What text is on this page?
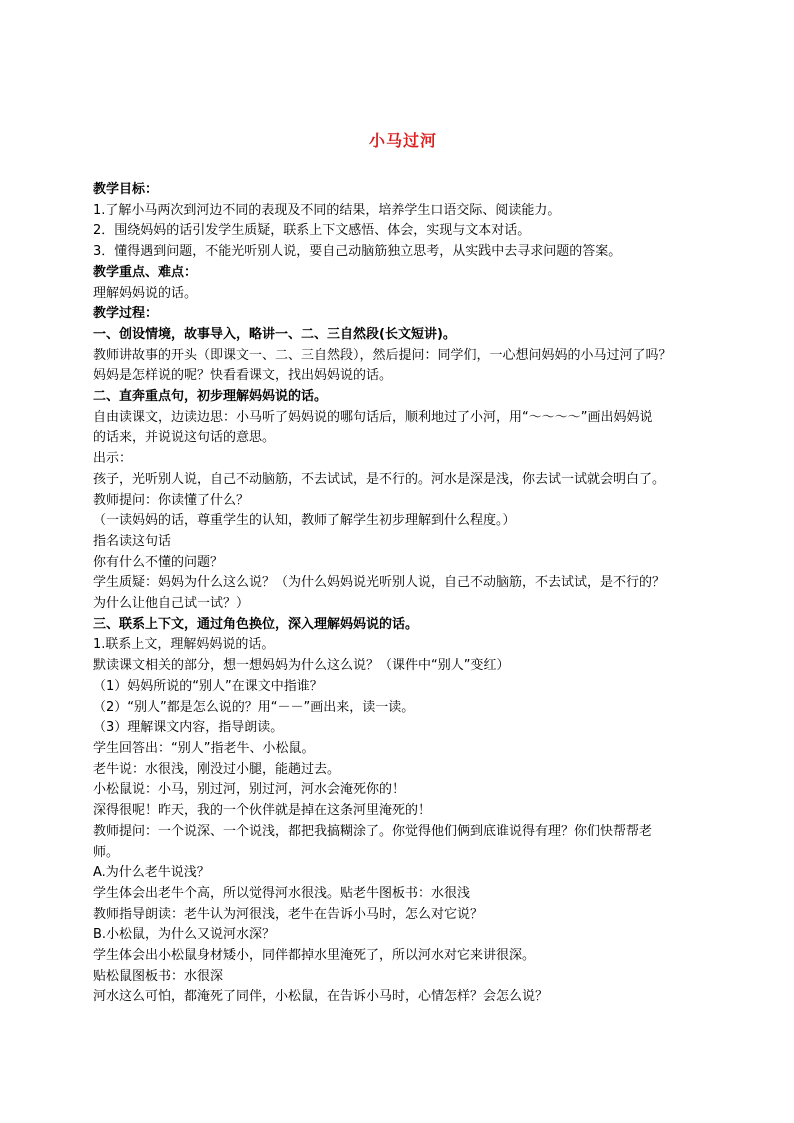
小马过河
教学目标：
1.了解小马两次到河边不同的表现及不同的结果，培养学生口语交际、阅读能力。
2．围绕妈妈的话引发学生质疑，联系上下文感悟、体会，实现与文本对话。
3．懂得遇到问题，不能光听别人说，要自己动脑筋独立思考，从实践中去寻求问题的答案。
教学重点、难点：
理解妈妈说的话。
教学过程：
一、创设情境，故事导入，略讲一、二、三自然段(长文短讲)。
教师讲故事的开头（即课文一、二、三自然段），然后提问：同学们，一心想问妈妈的小马过河了吗？
妈妈是怎样说的呢？快看看课文，找出妈妈说的话。
二、直奔重点句，初步理解妈妈说的话。
自由读课文，边读边思：小马听了妈妈说的哪句话后，顺利地过了小河，用“～～～～”画出妈妈说
的话来，并说说这句话的意思。
出示：
孩子，光听别人说，自己不动脑筋，不去试试，是不行的。河水是深是浅，你去试一试就会明白了。
教师提问：你读懂了什么？
（一读妈妈的话，尊重学生的认知，教师了解学生初步理解到什么程度。）
指名读这句话
你有什么不懂的问题？
学生质疑：妈妈为什么这么说？（为什么妈妈说光听别人说，自己不动脑筋，不去试试，是不行的？
为什么让他自己试一试？）
三、联系上下文，通过角色换位，深入理解妈妈说的话。
1.联系上文，理解妈妈说的话。
默读课文相关的部分，想一想妈妈为什么这么说？（课件中“别人”变红）
（1）妈妈所说的“别人”在课文中指谁？
（2）“别人”都是怎么说的？用“－－”画出来，读一读。
（3）理解课文内容，指导朗读。
学生回答出：“别人”指老牛、小松鼠。
老牛说：水很浅，刚没过小腿，能趟过去。
小松鼠说：小马，别过河，别过河，河水会淹死你的！
深得很呢！昨天，我的一个伙伴就是掉在这条河里淹死的！
教师提问：一个说深、一个说浅，都把我搞糊涂了。你觉得他们俩到底谁说得有理？你们快帮帮老
师。
A.为什么老牛说浅？
学生体会出老牛个高，所以觉得河水很浅。贴老牛图板书：水很浅
教师指导朗读：老牛认为河很浅，老牛在告诉小马时，怎么对它说？
B.小松鼠，为什么又说河水深？
学生体会出小松鼠身材矮小，同伴都掉水里淹死了，所以河水对它来讲很深。
贴松鼠图板书：水很深
河水这么可怕，都淹死了同伴，小松鼠，在告诉小马时，心情怎样？会怎么说？
